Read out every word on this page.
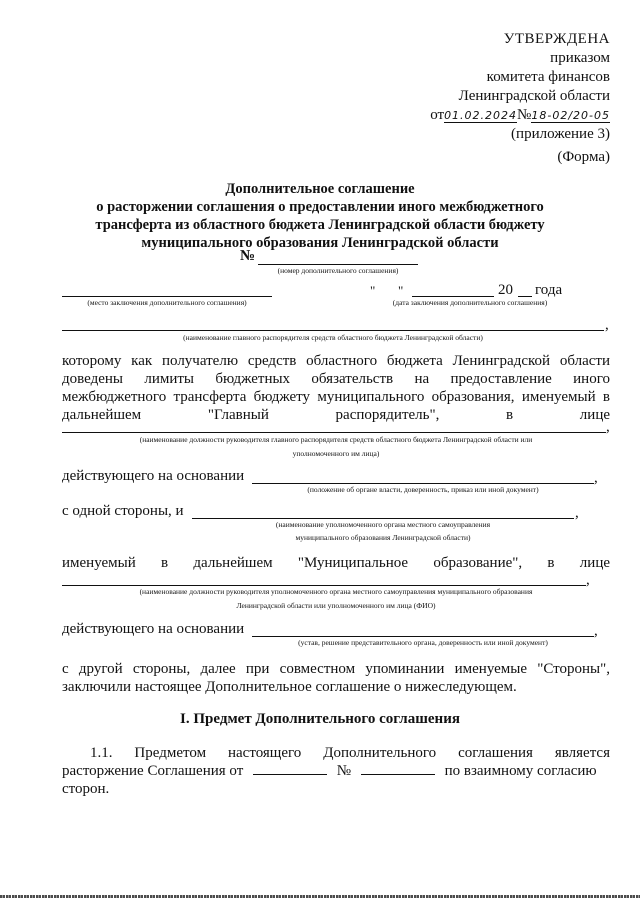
УТВЕРЖДЕНА
приказом
комитета финансов
Ленинградской области
от01.02.2024№18-02/20-05
(приложение 3)
(Форма)
Дополнительное соглашение
о расторжении соглашения о предоставлении иного межбюджетного
трансферта из областного бюджета Ленинградской области бюджету
муниципального образования Ленинградской области
№
(номер дополнительного соглашения)
(место заключения дополнительного соглашения)
" "	20 года
(дата заключения дополнительного соглашения)
,
(наименование главного распорядителя средств областного бюджета Ленинградской области)
которому как получателю средств областного бюджета Ленинградской области
доведены лимиты бюджетных обязательств на предоставление иного
межбюджетного трансферта бюджету муниципального образования, именуемый в
дальнейшем "Главный распорядитель", в лице
,
(наименование должности руководителя главного распорядителя средств областного бюджета Ленинградской области или
уполномоченного им лица)
действующего на основании	,
(положение об органе власти, доверенность, приказ или иной документ)
с одной стороны, и	,
(наименование уполномоченного органа местного самоуправления
муниципального образования Ленинградской области)
именуемый в дальнейшем "Муниципальное образование", в лице
,
(наименование должности руководителя уполномоченного органа местного самоуправления муниципального образования
Ленинградской области или уполномоченного им лица (ФИО)
действующего на основании	,
(устав, решение представительного органа, доверенность или иной документ)
с другой стороны, далее при совместном упоминании именуемые "Стороны",
заключили настоящее Дополнительное соглашение о нижеследующем.
I. Предмет Дополнительного соглашения
1.1. Предметом настоящего Дополнительного соглашения является
расторжение Соглашения от	№	по взаимному согласию
сторон.
